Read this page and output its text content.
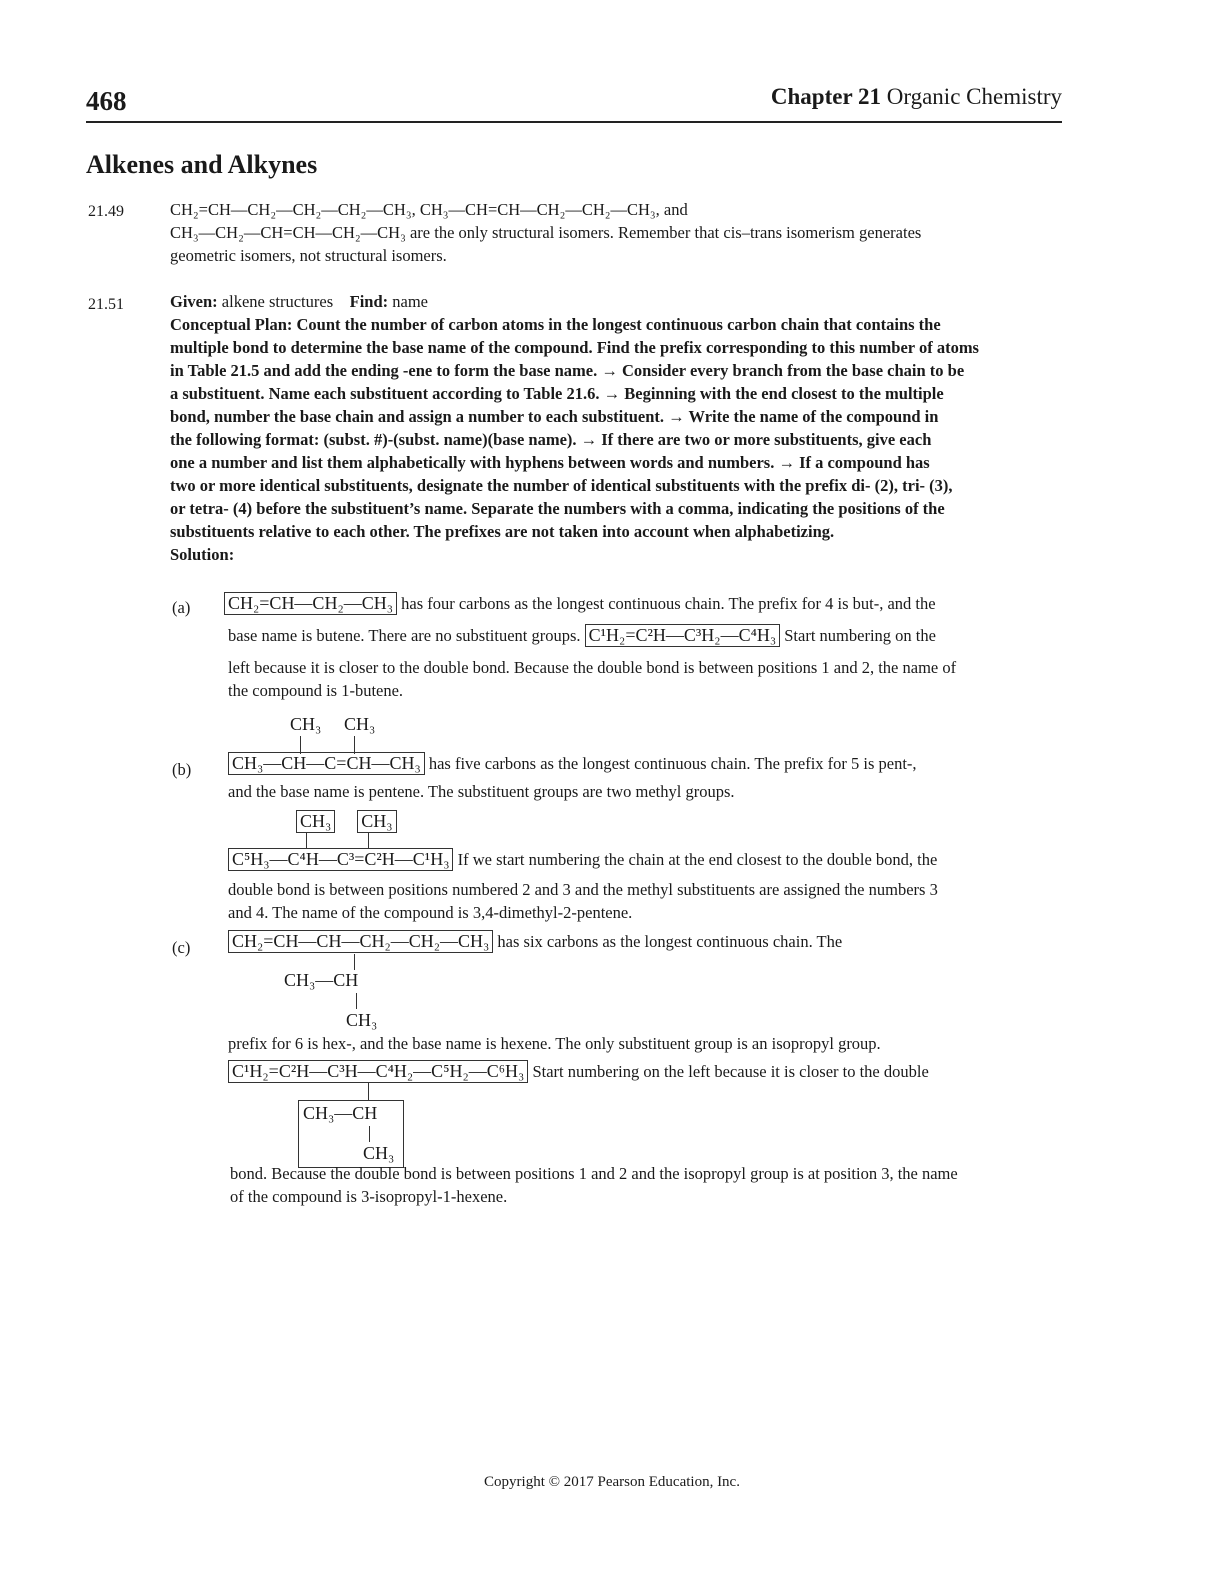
468	Chapter 21 Organic Chemistry
Alkenes and Alkynes
21.49	CH₂=CH—CH₂—CH₂—CH₂—CH₃, CH₃—CH=CH—CH₂—CH₂—CH₃, and
CH₃—CH₂—CH=CH—CH₂—CH₃ are the only structural isomers. Remember that cis–trans isomerism generates
geometric isomers, not structural isomers.
21.51	Given: alkene structures Find: name
Conceptual Plan: Count the number of carbon atoms in the longest continuous carbon chain that contains the
multiple bond to determine the base name of the compound. Find the prefix corresponding to this number of atoms
in Table 21.5 and add the ending -ene to form the base name. → Consider every branch from the base chain to be
a substituent. Name each substituent according to Table 21.6. → Beginning with the end closest to the multiple
bond, number the base chain and assign a number to each substituent. → Write the name of the compound in
the following format: (subst. #)-(subst. name)(base name). → If there are two or more substituents, give each
one a number and list them alphabetically with hyphens between words and numbers. → If a compound has
two or more identical substituents, designate the number of identical substituents with the prefix di- (2), tri- (3),
or tetra- (4) before the substituent’s name. Separate the numbers with a comma, indicating the positions of the
substituents relative to each other. The prefixes are not taken into account when alphabetizing.
Solution:
(a) CH₂=CH—CH₂—CH₃ has four carbons as the longest continuous chain. The prefix for 4 is but-, and the
base name is butene. There are no substituent groups. C¹H₂=C²H—C³H₂—C⁴H₃ Start numbering on the
left because it is closer to the double bond. Because the double bond is between positions 1 and 2, the name of
the compound is 1-butene.
CH₃ CH₃
(b) CH₃—CH—C=CH—CH₃ has five carbons as the longest continuous chain. The prefix for 5 is pent-,
and the base name is pentene. The substituent groups are two methyl groups.
CH₃ CH₃
C⁵H₃—C⁴H—C³=C²H—C¹H₃ If we start numbering the chain at the end closest to the double bond, the
double bond is between positions numbered 2 and 3 and the methyl substituents are assigned the numbers 3
and 4. The name of the compound is 3,4-dimethyl-2-pentene.
(c) CH₂=CH—CH—CH₂—CH₂—CH₃ has six carbons as the longest continuous chain. The
CH₃—CH
CH₃
prefix for 6 is hex-, and the base name is hexene. The only substituent group is an isopropyl group.
C¹H₂=C²H—C³H—C⁴H₂—C⁵H₂—C⁶H₃ Start numbering on the left because it is closer to the double
CH₃—CH
CH₃
bond. Because the double bond is between positions 1 and 2 and the isopropyl group is at position 3, the name
of the compound is 3-isopropyl-1-hexene.
Copyright © 2017 Pearson Education, Inc.
